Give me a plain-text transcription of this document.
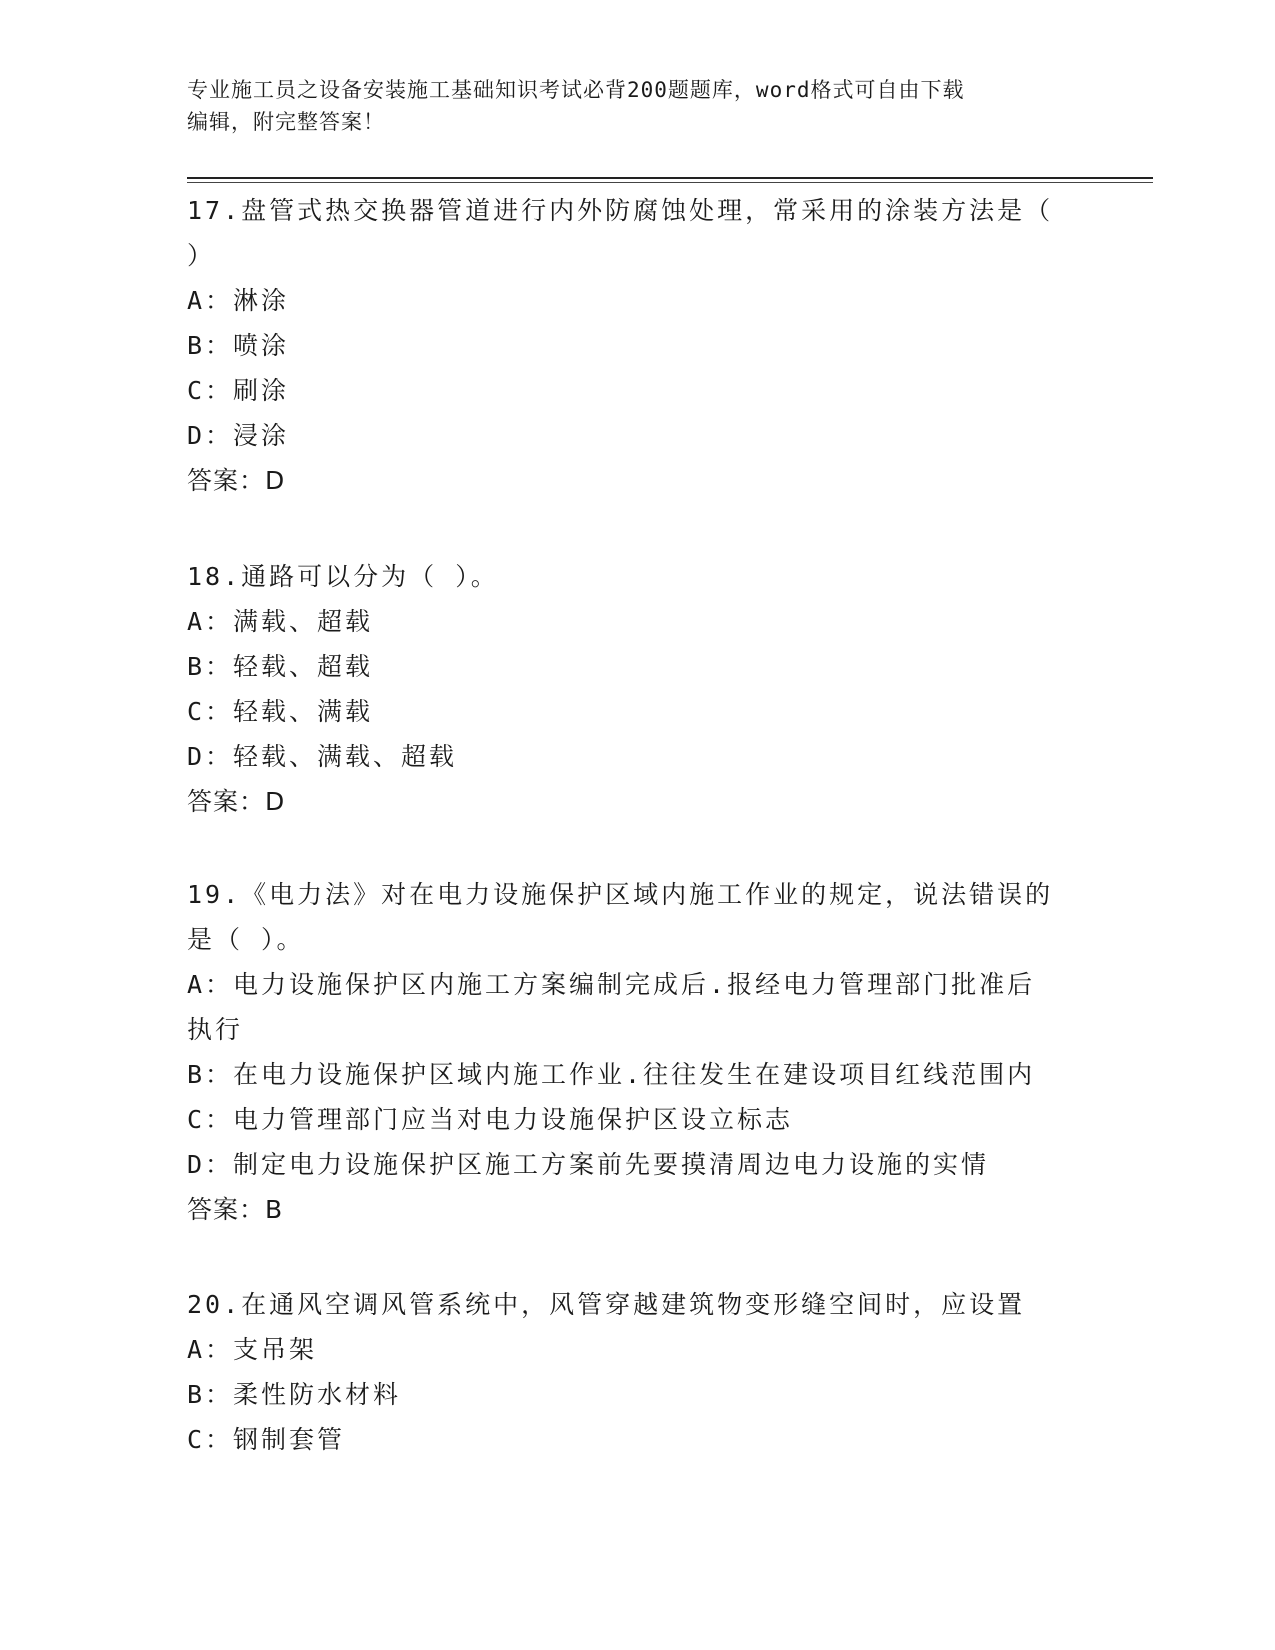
专业施工员之设备安装施工基础知识考试必背200题题库，word格式可自由下载
编辑，附完整答案！

17.盘管式热交换器管道进行内外防腐蚀处理，常采用的涂装方法是（

）

A：淋涂

B：喷涂

C：刷涂

D：浸涂

答案：D

18.通路可以分为（ ）。

A：满载、超载

B：轻载、超载

C：轻载、满载

D：轻载、满载、超载

答案：D

19.《电力法》对在电力设施保护区域内施工作业的规定，说法错误的

是（ ）。

A：电力设施保护区内施工方案编制完成后.报经电力管理部门批准后

执行

B：在电力设施保护区域内施工作业.往往发生在建设项目红线范围内

C：电力管理部门应当对电力设施保护区设立标志

D：制定电力设施保护区施工方案前先要摸清周边电力设施的实情

答案：B

20.在通风空调风管系统中，风管穿越建筑物变形缝空间时，应设置

A：支吊架

B：柔性防水材料

C：钢制套管
